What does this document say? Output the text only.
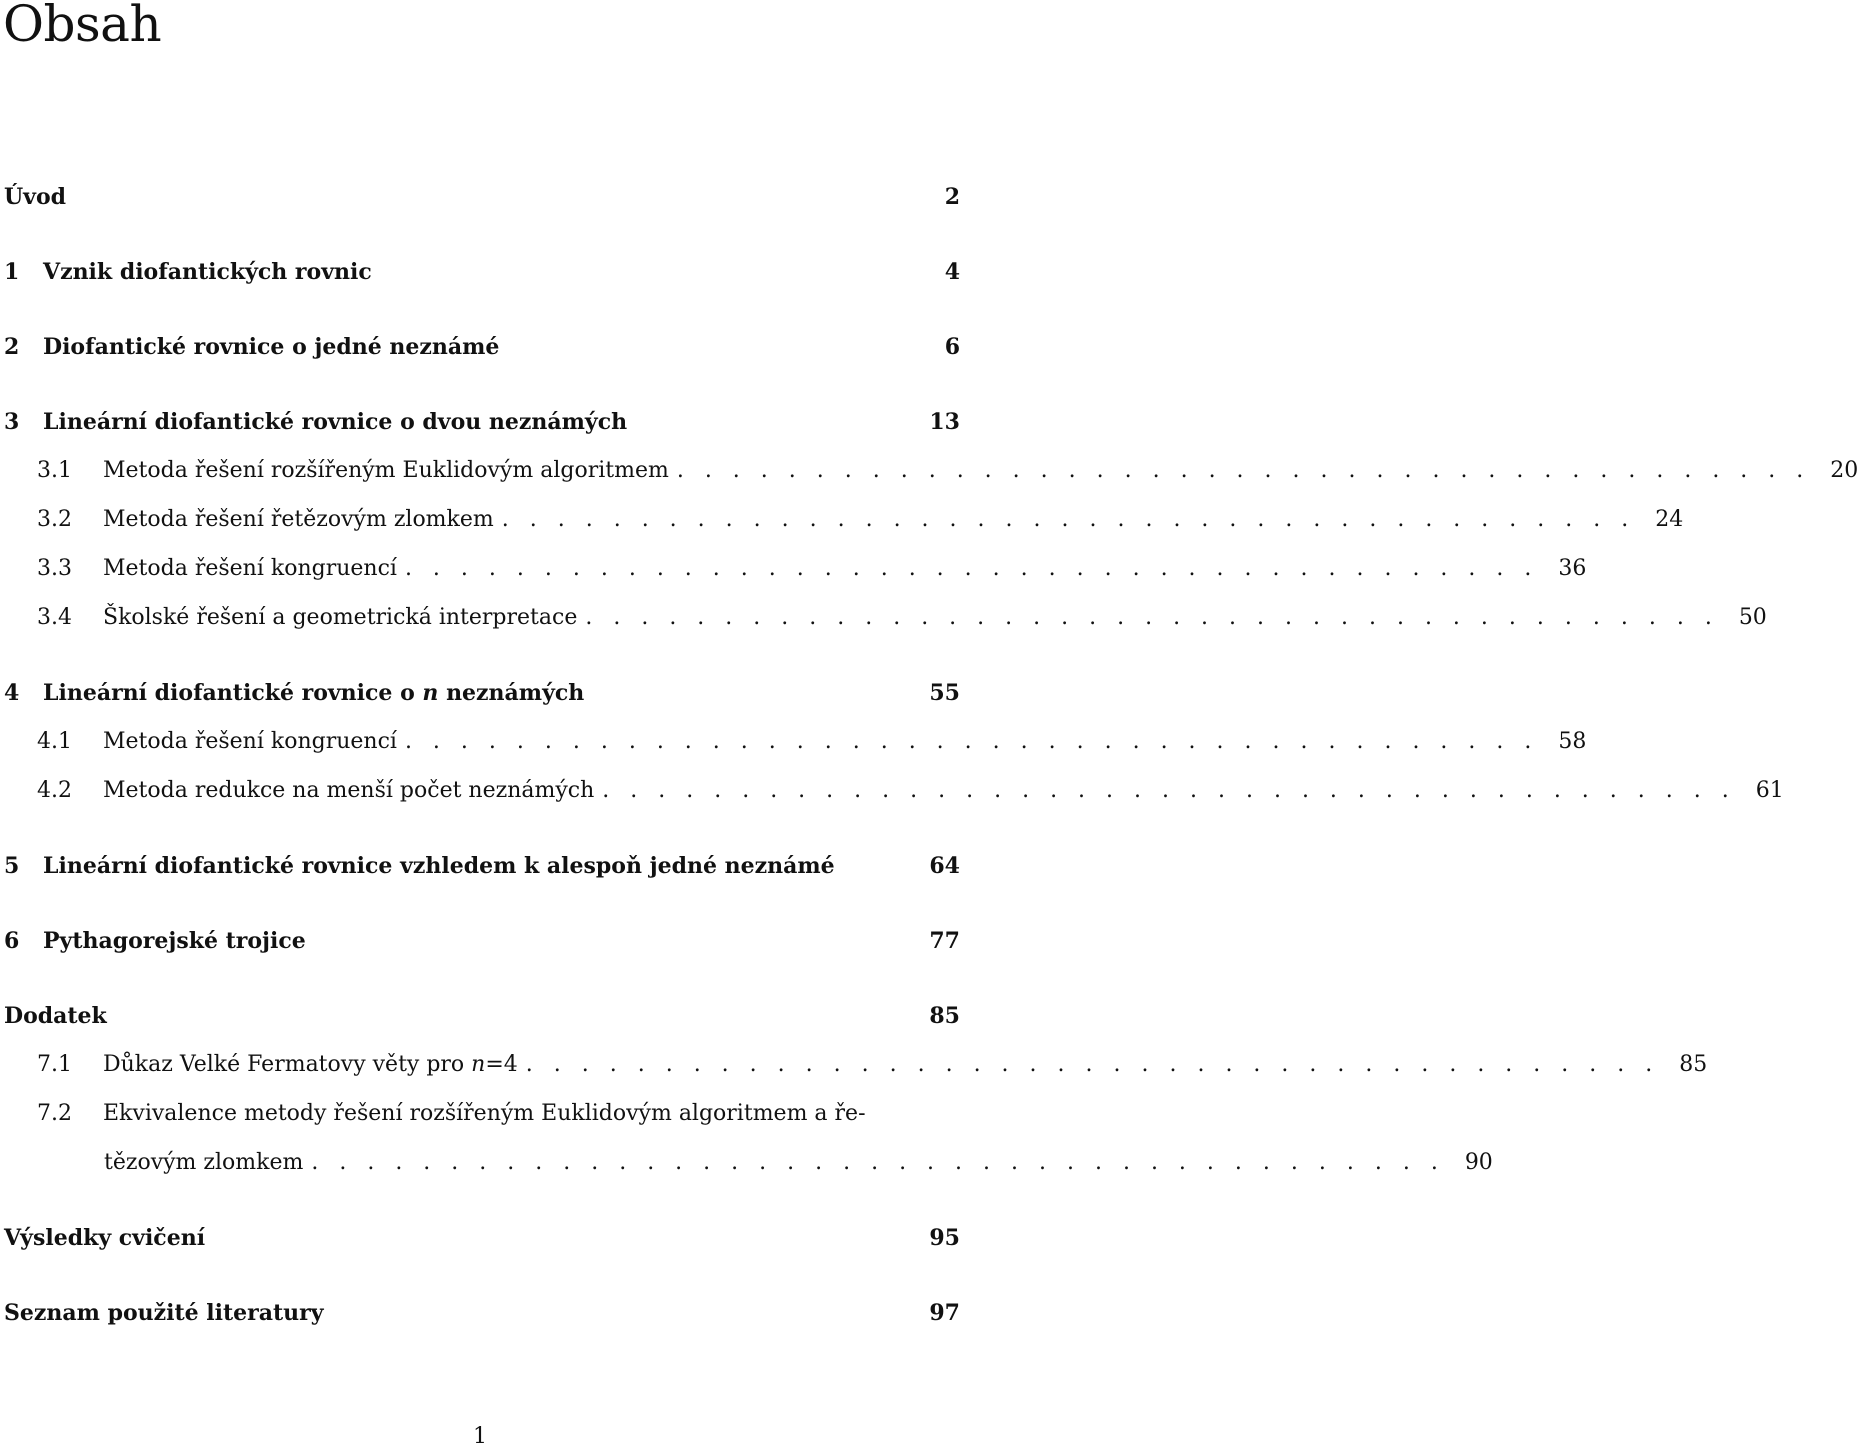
Obsah
Úvod	2
1	Vznik diofantických rovnic	4
2	Diofantické rovnice o jedné neznámé	6
3	Lineární diofantické rovnice o dvou neznámých	13
3.1	Metoda řešení rozšířeným Euklidovým algoritmem . . . . . . . . . . . . . . . . . . . . . . . . . . . . . . . . . . . . . . . . . 20
3.2	Metoda řešení řetězovým zlomkem . . . . . . . . . . . . . . . . . . . . . . . . . . . . . . . . . . . . . . . . . 24
3.3	Metoda řešení kongruencí . . . . . . . . . . . . . . . . . . . . . . . . . . . . . . . . . . . . . . . . . 36
3.4	Školské řešení a geometrická interpretace . . . . . . . . . . . . . . . . . . . . . . . . . . . . . . . . . . . . . . . . . 50
4	Lineární diofantické rovnice o n neznámých	55
4.1	Metoda řešení kongruencí . . . . . . . . . . . . . . . . . . . . . . . . . . . . . . . . . . . . . . . . . 58
4.2	Metoda redukce na menší počet neznámých . . . . . . . . . . . . . . . . . . . . . . . . . . . . . . . . . . . . . . . . . 61
5	Lineární diofantické rovnice vzhledem k alespoň jedné neznámé	64
6	Pythagorejské trojice	77
Dodatek	85
7.1	Důkaz Velké Fermatovy věty pro n=4 . . . . . . . . . . . . . . . . . . . . . . . . . . . . . . . . . . . . . . . . . 85
7.2	Ekvivalence metody řešení rozšířeným Euklidovým algoritmem a ře-
tězovým zlomkem . . . . . . . . . . . . . . . . . . . . . . . . . . . . . . . . . . . . . . . . . 90
Výsledky cvičení	95
Seznam použité literatury	97
1
